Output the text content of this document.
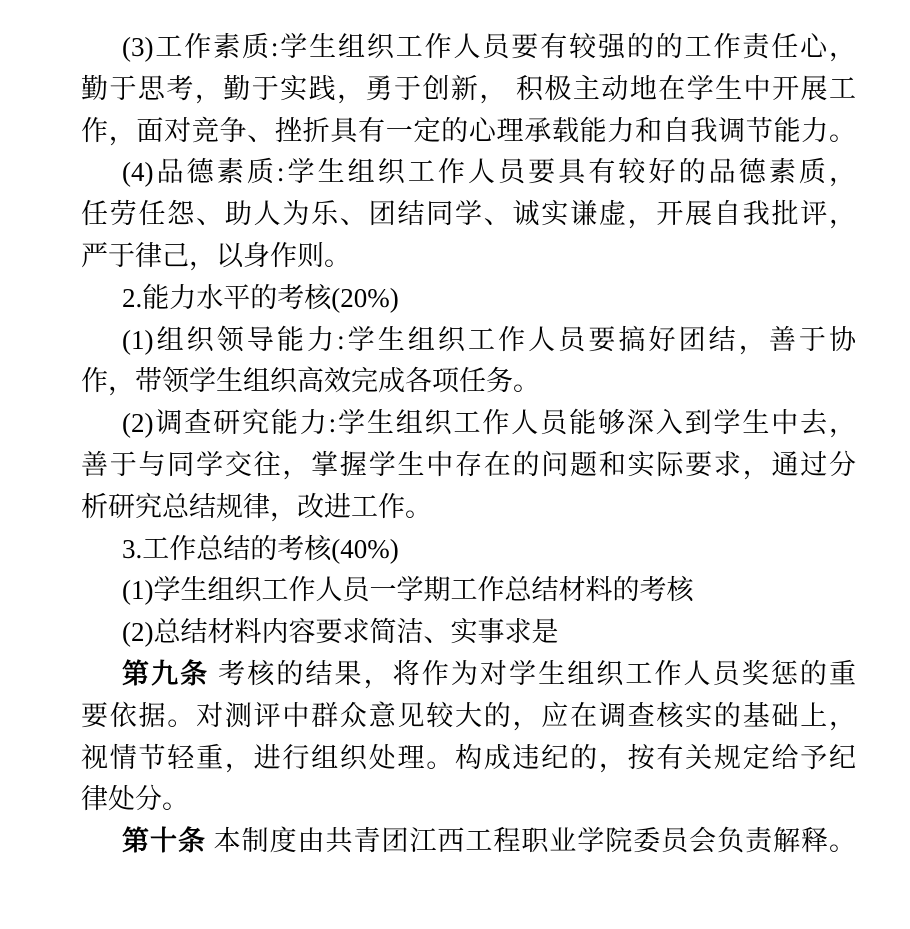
(3)工作素质:学生组织工作人员要有较强的的工作责任心，
勤于思考，勤于实践，勇于创新， 积极主动地在学生中开展工
作，面对竞争、挫折具有一定的心理承载能力和自我调节能力。
(4)品德素质:学生组织工作人员要具有较好的品德素质，
任劳任怨、助人为乐、团结同学、诚实谦虚，开展自我批评，
严于律己，以身作则。
2.能力水平的考核(20%)
(1)组织领导能力:学生组织工作人员要搞好团结，善于协
作，带领学生组织高效完成各项任务。
(2)调查研究能力:学生组织工作人员能够深入到学生中去，
善于与同学交往，掌握学生中存在的问题和实际要求，通过分
析研究总结规律，改进工作。
3.工作总结的考核(40%)
(1)学生组织工作人员一学期工作总结材料的考核
(2)总结材料内容要求简洁、实事求是
第九条 考核的结果，将作为对学生组织工作人员奖惩的重
要依据。对测评中群众意见较大的，应在调查核实的基础上，
视情节轻重，进行组织处理。构成违纪的，按有关规定给予纪
律处分。
第十条 本制度由共青团江西工程职业学院委员会负责解释。
